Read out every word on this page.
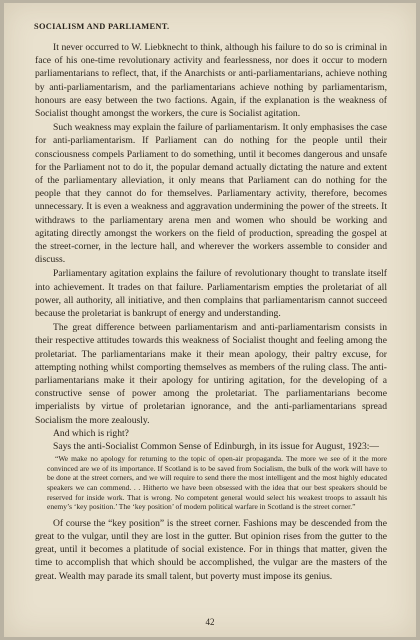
SOCIALISM AND PARLIAMENT.

It never occurred to W. Liebknecht to think, although his failure to do so is criminal in face of his one-time revolutionary activity and fearlessness, nor does it occur to modern parliamentarians to reflect, that, if the Anarchists or anti-parliamentarians, achieve nothing by anti-parliamentarism, and the parliamentarians achieve nothing by parliamentarism, honours are easy between the two factions. Again, if the explanation is the weakness of Socialist thought amongst the workers, the cure is Socialist agitation.

Such weakness may explain the failure of parliamentarism. It only emphasises the case for anti-parliamentarism. If Parliament can do nothing for the people until their consciousness compels Parliament to do something, until it becomes dangerous and unsafe for the Parliament not to do it, the popular demand actually dictating the nature and extent of the parliamentary alleviation, it only means that Parliament can do nothing for the people that they cannot do for themselves. Parliamentary activity, therefore, becomes unnecessary. It is even a weakness and aggravation undermining the power of the streets. It withdraws to the parliamentary arena men and women who should be working and agitating directly amongst the workers on the field of production, spreading the gospel at the street-corner, in the lecture hall, and wherever the workers assemble to consider and discuss.

Parliamentary agitation explains the failure of revolutionary thought to translate itself into achievement. It trades on that failure. Parliamentarism empties the proletariat of all power, all authority, all initiative, and then complains that parliamentarism cannot succeed because the proletariat is bankrupt of energy and understanding.

The great difference between parliamentarism and anti-parliamentarism consists in their respective attitudes towards this weakness of Socialist thought and feeling among the proletariat. The parliamentarians make it their mean apology, their paltry excuse, for attempting nothing whilst comporting themselves as members of the ruling class. The anti-parliamentarians make it their apology for untiring agitation, for the developing of a constructive sense of power among the proletariat. The parliamentarians become imperialists by virtue of proletarian ignorance, and the anti-parliamentarians spread Socialism the more zealously.

And which is right?

Says the anti-Socialist Common Sense of Edinburgh, in its issue for August, 1923:—

“We make no apology for returning to the topic of open-air propaganda. The more we see of it the more convinced are we of its importance. If Scotland is to be saved from Socialism, the bulk of the work will have to be done at the street corners, and we will require to send there the most intelligent and the most highly educated speakers we can commend. . . Hitherto we have been obsessed with the idea that our best speakers should be reserved for inside work. That is wrong. No competent general would select his weakest troops to assault his enemy’s ‘key position.’ The ‘key position’ of modern political warfare in Scotland is the street corner.”

Of course the “key position” is the street corner. Fashions may be descended from the great to the vulgar, until they are lost in the gutter. But opinion rises from the gutter to the great, until it becomes a platitude of social existence. For in things that matter, given the time to accomplish that which should be accomplished, the vulgar are the masters of the great. Wealth may parade its small talent, but poverty must impose its genius.

42
